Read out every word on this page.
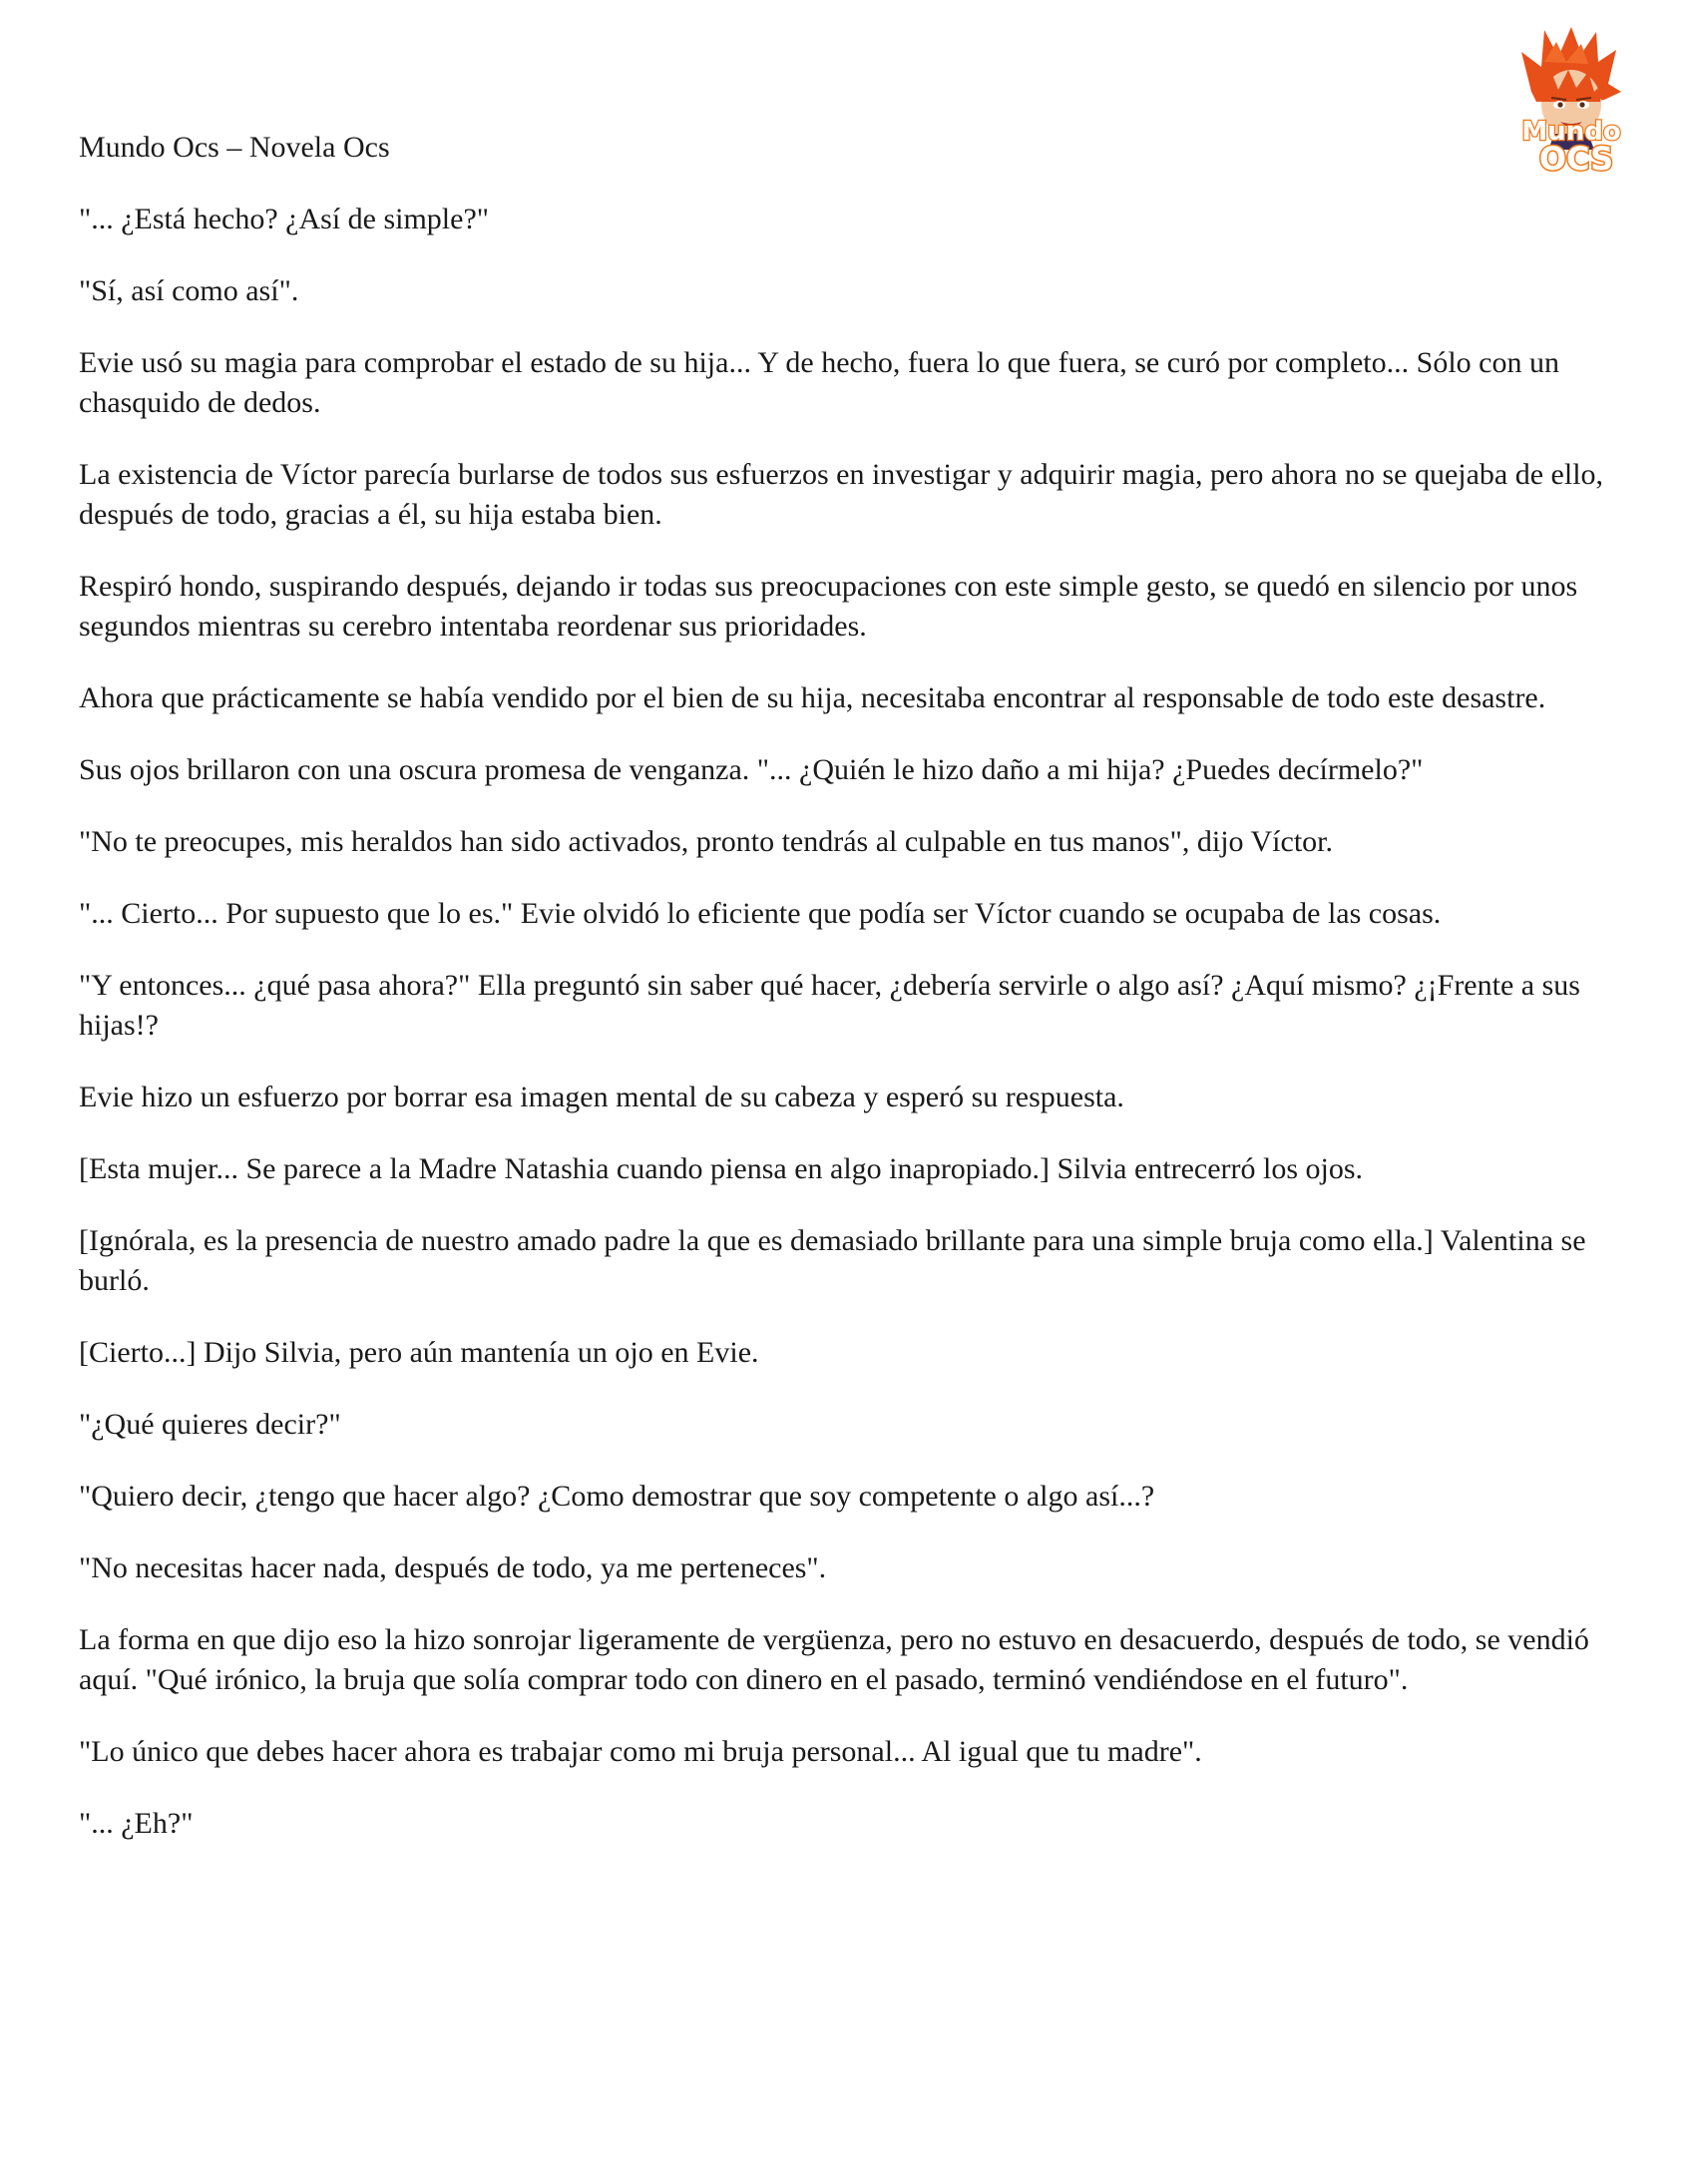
Mundo
OCS

Mundo Ocs – Novela Ocs

"... ¿Está hecho? ¿Así de simple?"

"Sí, así como así".

Evie usó su magia para comprobar el estado de su hija... Y de hecho, fuera lo que fuera, se curó por completo... Sólo con un chasquido de dedos.

La existencia de Víctor parecía burlarse de todos sus esfuerzos en investigar y adquirir magia, pero ahora no se quejaba de ello, después de todo, gracias a él, su hija estaba bien.

Respiró hondo, suspirando después, dejando ir todas sus preocupaciones con este simple gesto, se quedó en silencio por unos segundos mientras su cerebro intentaba reordenar sus prioridades.

Ahora que prácticamente se había vendido por el bien de su hija, necesitaba encontrar al responsable de todo este desastre.

Sus ojos brillaron con una oscura promesa de venganza. "... ¿Quién le hizo daño a mi hija? ¿Puedes decírmelo?"

"No te preocupes, mis heraldos han sido activados, pronto tendrás al culpable en tus manos", dijo Víctor.

"... Cierto... Por supuesto que lo es." Evie olvidó lo eficiente que podía ser Víctor cuando se ocupaba de las cosas.

"Y entonces... ¿qué pasa ahora?" Ella preguntó sin saber qué hacer, ¿debería servirle o algo así? ¿Aquí mismo? ¿¡Frente a sus hijas!?

Evie hizo un esfuerzo por borrar esa imagen mental de su cabeza y esperó su respuesta.

[Esta mujer... Se parece a la Madre Natashia cuando piensa en algo inapropiado.] Silvia entrecerró los ojos.

[Ignórala, es la presencia de nuestro amado padre la que es demasiado brillante para una simple bruja como ella.] Valentina se burló.

[Cierto...] Dijo Silvia, pero aún mantenía un ojo en Evie.

"¿Qué quieres decir?"

"Quiero decir, ¿tengo que hacer algo? ¿Como demostrar que soy competente o algo así...?

"No necesitas hacer nada, después de todo, ya me perteneces".

La forma en que dijo eso la hizo sonrojar ligeramente de vergüenza, pero no estuvo en desacuerdo, después de todo, se vendió aquí. "Qué irónico, la bruja que solía comprar todo con dinero en el pasado, terminó vendiéndose en el futuro".

"Lo único que debes hacer ahora es trabajar como mi bruja personal... Al igual que tu madre".

"... ¿Eh?"
